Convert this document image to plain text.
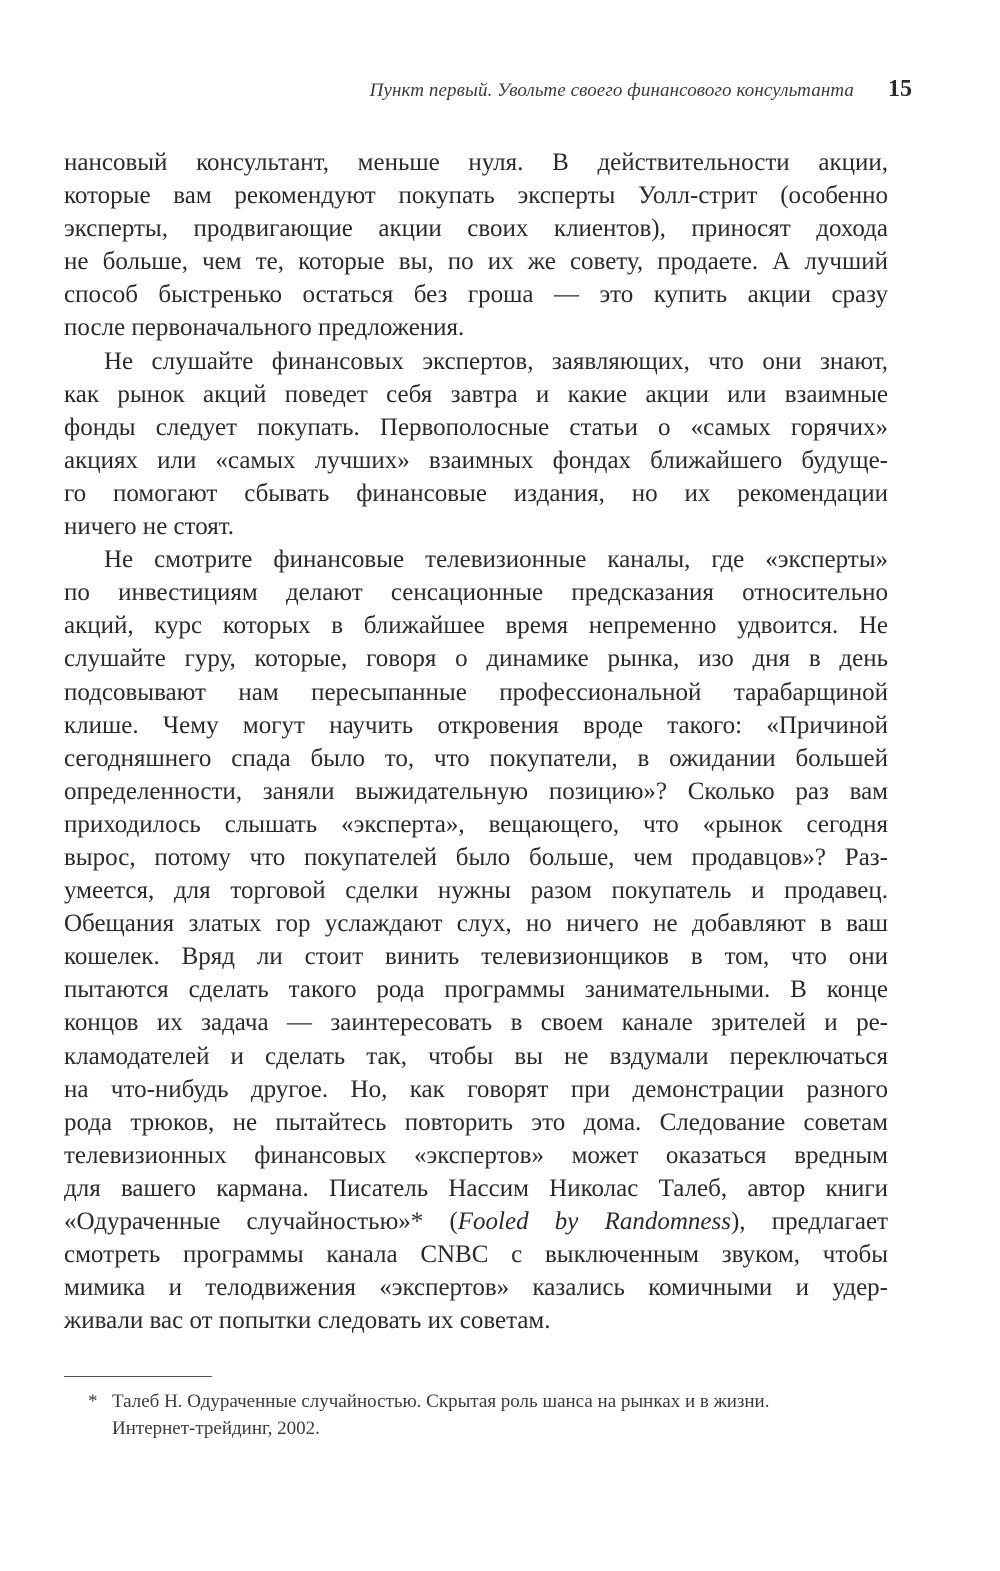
Пункт первый. Увольте своего финансового консультанта 15
нансовый консультант, меньше нуля. В действительности акции,
которые вам рекомендуют покупать эксперты Уолл-стрит (особенно
эксперты, продвигающие акции своих клиентов), приносят дохода
не больше, чем те, которые вы, по их же совету, продаете. А лучший
способ быстренько остаться без гроша — это купить акции сразу
после первоначального предложения.
Не слушайте финансовых экспертов, заявляющих, что они знают,
как рынок акций поведет себя завтра и какие акции или взаимные
фонды следует покупать. Первополосные статьи о «самых горячих»
акциях или «самых лучших» взаимных фондах ближайшего будуще-
го помогают сбывать финансовые издания, но их рекомендации
ничего не стоят.
Не смотрите финансовые телевизионные каналы, где «эксперты»
по инвестициям делают сенсационные предсказания относительно
акций, курс которых в ближайшее время непременно удвоится. Не
слушайте гуру, которые, говоря о динамике рынка, изо дня в день
подсовывают нам пересыпанные профессиональной тарабарщиной
клише. Чему могут научить откровения вроде такого: «Причиной
сегодняшнего спада было то, что покупатели, в ожидании большей
определенности, заняли выжидательную позицию»? Сколько раз вам
приходилось слышать «эксперта», вещающего, что «рынок сегодня
вырос, потому что покупателей было больше, чем продавцов»? Раз-
умеется, для торговой сделки нужны разом покупатель и продавец.
Обещания златых гор услаждают слух, но ничего не добавляют в ваш
кошелек. Вряд ли стоит винить телевизионщиков в том, что они
пытаются сделать такого рода программы занимательными. В конце
концов их задача — заинтересовать в своем канале зрителей и ре-
кламодателей и сделать так, чтобы вы не вздумали переключаться
на что-нибудь другое. Но, как говорят при демонстрации разного
рода трюков, не пытайтесь повторить это дома. Следование советам
телевизионных финансовых «экспертов» может оказаться вредным
для вашего кармана. Писатель Нассим Николас Талеб, автор книги
«Одураченные случайностью»* (Fooled by Randomness), предлагает
смотреть программы канала CNBC с выключенным звуком, чтобы
мимика и телодвижения «экспертов» казались комичными и удер-
живали вас от попытки следовать их советам.
* Талеб Н. Одураченные случайностью. Скрытая роль шанса на рынках и в жизни.
Интернет-трейдинг, 2002.
